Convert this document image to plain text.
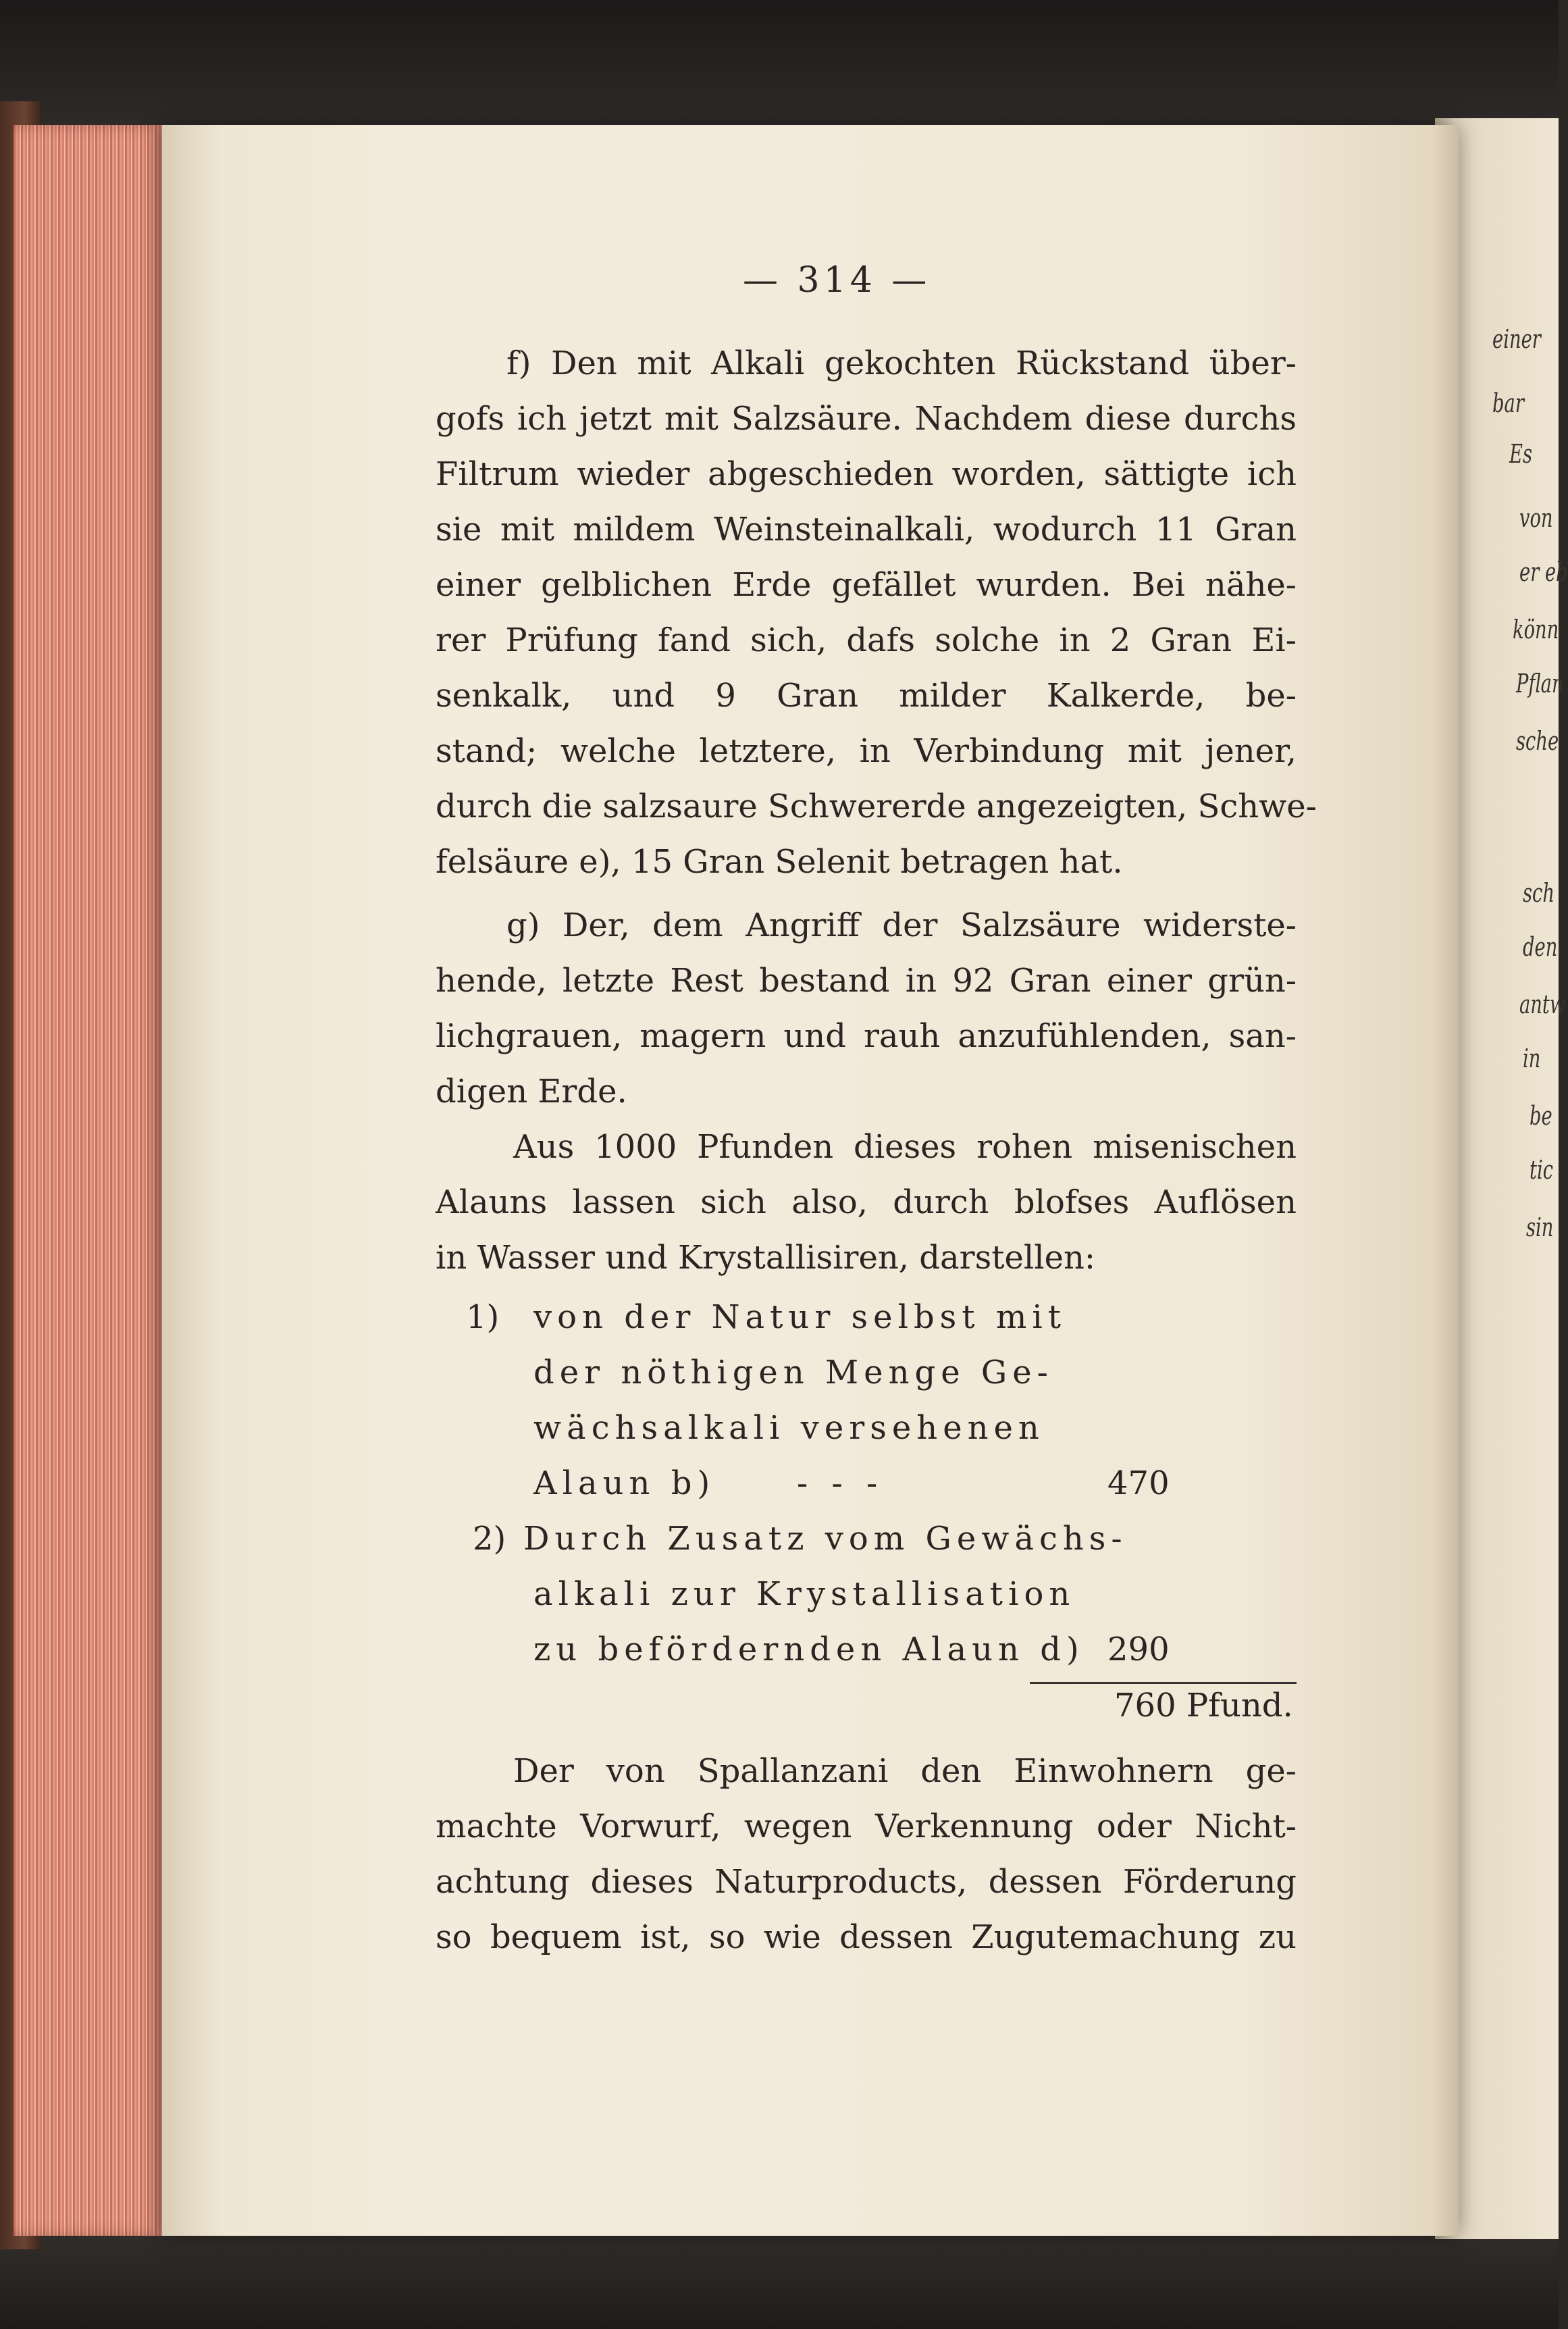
— 314 —
f) Den mit Alkali gekochten Rückstand über-
gofs ich jetzt mit Salzsäure. Nachdem diese durchs
Filtrum wieder abgeschieden worden, sättigte ich
sie mit mildem Weinsteinalkali, wodurch 11 Gran
einer gelblichen Erde gefället wurden. Bei nähe-
rer Prüfung fand sich, dafs solche in 2 Gran Ei-
senkalk, und 9 Gran milder Kalkerde, be-
stand; welche letztere, in Verbindung mit jener,
durch die salzsaure Schwererde angezeigten, Schwe-
felsäure e), 15 Gran Selenit betragen hat.
g) Der, dem Angriff der Salzsäure widerste-
hende, letzte Rest bestand in 92 Gran einer grün-
lichgrauen, magern und rauh anzufühlenden, san-
digen Erde.
Aus 1000 Pfunden dieses rohen misenischen
Alauns lassen sich also, durch blofses Auflösen
in Wasser und Krystallisiren, darstellen:
1) von der Natur selbst mit
der nöthigen Menge Ge-
wächsalkali versehenen
Alaun b)	- - -	470
2) Durch Zusatz vom Gewächs-
alkali zur Krystallisation
zu befördernden Alaun d) 290
760 Pfund.
Der von Spallanzani den Einwohnern ge-
machte Vorwurf, wegen Verkennung oder Nicht-
achtung dieses Naturproducts, dessen Förderung
so bequem ist, so wie dessen Zugutemachung zu
einer
bar
Es
von
er eb
könn
Pflan
sche
sch
den
antw
in
be
tic
sin
